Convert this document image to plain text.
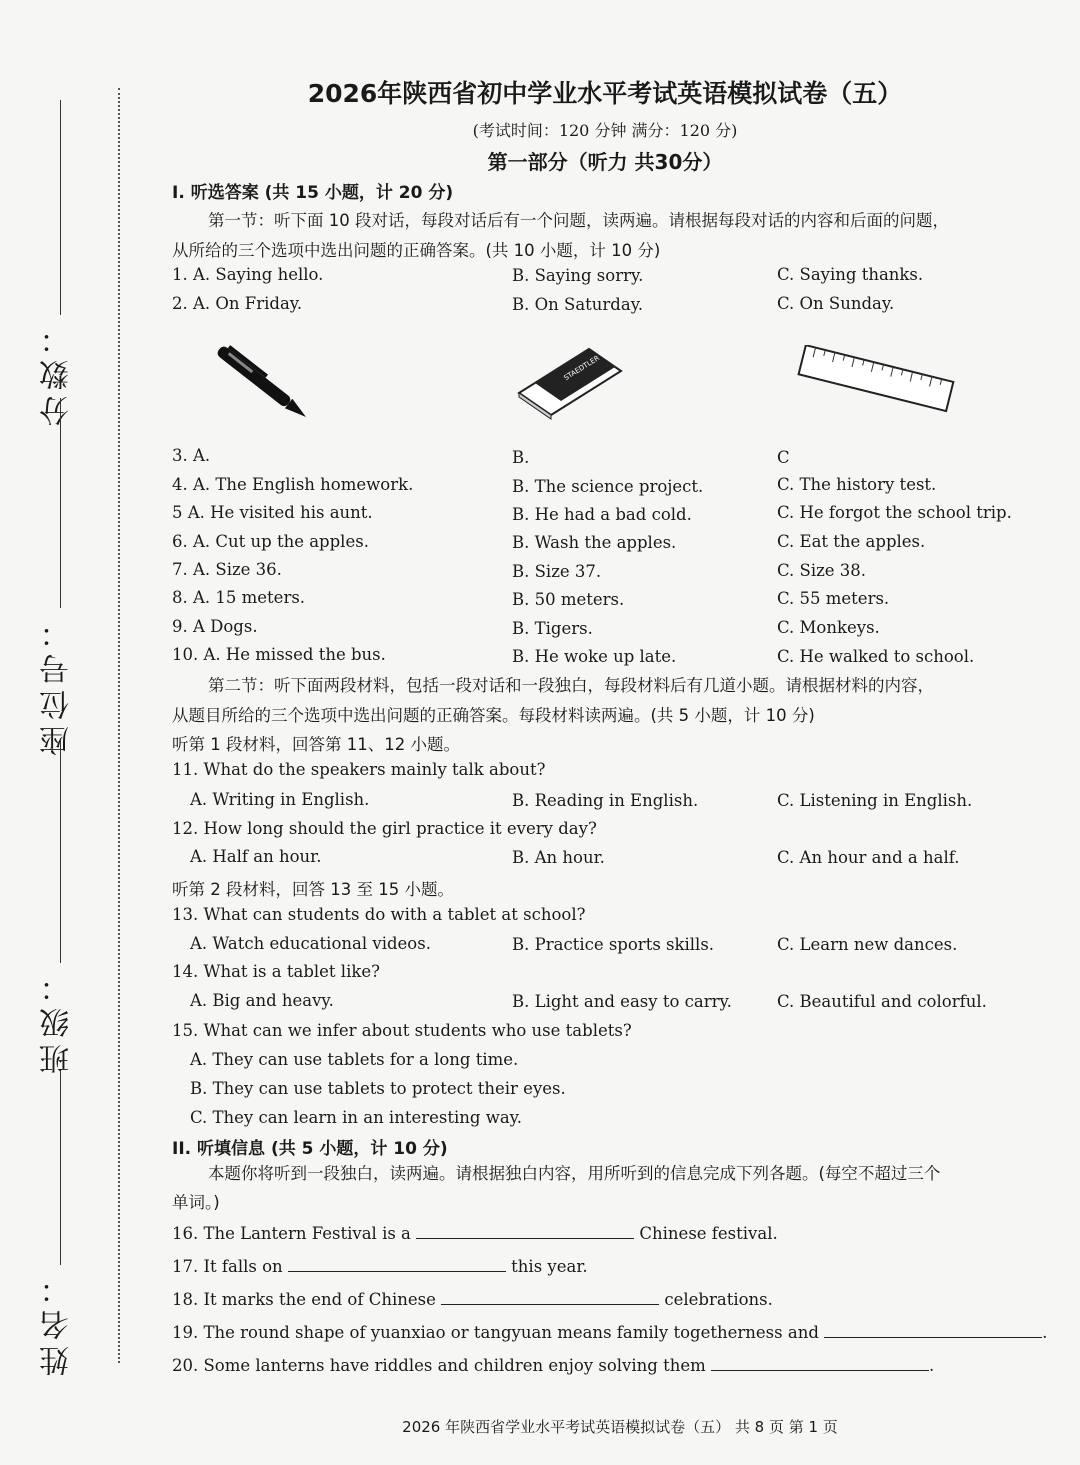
分数：
座位号：
班级：
姓名：
2026年陕西省初中学业水平考试英语模拟试卷（五）
(考试时间：120 分钟 满分：120 分)
第一部分（听力 共30分）
I. 听选答案 (共 15 小题，计 20 分)
第一节：听下面 10 段对话，每段对话后有一个问题，读两遍。请根据每段对话的内容和后面的问题，
从所给的三个选项中选出问题的正确答案。(共 10 小题，计 10 分)
1. A. Saying hello.	B. Saying sorry.	C. Saying thanks.
2. A. On Friday.	B. On Saturday.	C. On Sunday.
STAEDTLER
3. A.	B.	C
4. A. The English homework.	B. The science project.	C. The history test.
5 A. He visited his aunt.	B. He had a bad cold.	C. He forgot the school trip.
6. A. Cut up the apples.	B. Wash the apples.	C. Eat the apples.
7. A. Size 36.	B. Size 37.	C. Size 38.
8. A. 15 meters.	B. 50 meters.	C. 55 meters.
9. A Dogs.	B. Tigers.	C. Monkeys.
10. A. He missed the bus.	B. He woke up late.	C. He walked to school.
第二节：听下面两段材料，包括一段对话和一段独白，每段材料后有几道小题。请根据材料的内容，
从题目所给的三个选项中选出问题的正确答案。每段材料读两遍。(共 5 小题，计 10 分)
听第 1 段材料，回答第 11、12 小题。
11. What do the speakers mainly talk about?
A. Writing in English.	B. Reading in English.	C. Listening in English.
12. How long should the girl practice it every day?
A. Half an hour.	B. An hour.	C. An hour and a half.
听第 2 段材料，回答 13 至 15 小题。
13. What can students do with a tablet at school?
A. Watch educational videos.	B. Practice sports skills.	C. Learn new dances.
14. What is a tablet like?
A. Big and heavy.	B. Light and easy to carry.	C. Beautiful and colorful.
15. What can we infer about students who use tablets?
A. They can use tablets for a long time.
B. They can use tablets to protect their eyes.
C. They can learn in an interesting way.
II. 听填信息 (共 5 小题，计 10 分)
本题你将听到一段独白，读两遍。请根据独白内容，用所听到的信息完成下列各题。(每空不超过三个
单词。)
16. The Lantern Festival is a	Chinese festival.
17. It falls on	this year.
18. It marks the end of Chinese	celebrations.
19. The round shape of yuanxiao or tangyuan means family togetherness and	.
20. Some lanterns have riddles and children enjoy solving them	.
2026 年陕西省学业水平考试英语模拟试卷（五） 共 8 页 第 1 页
